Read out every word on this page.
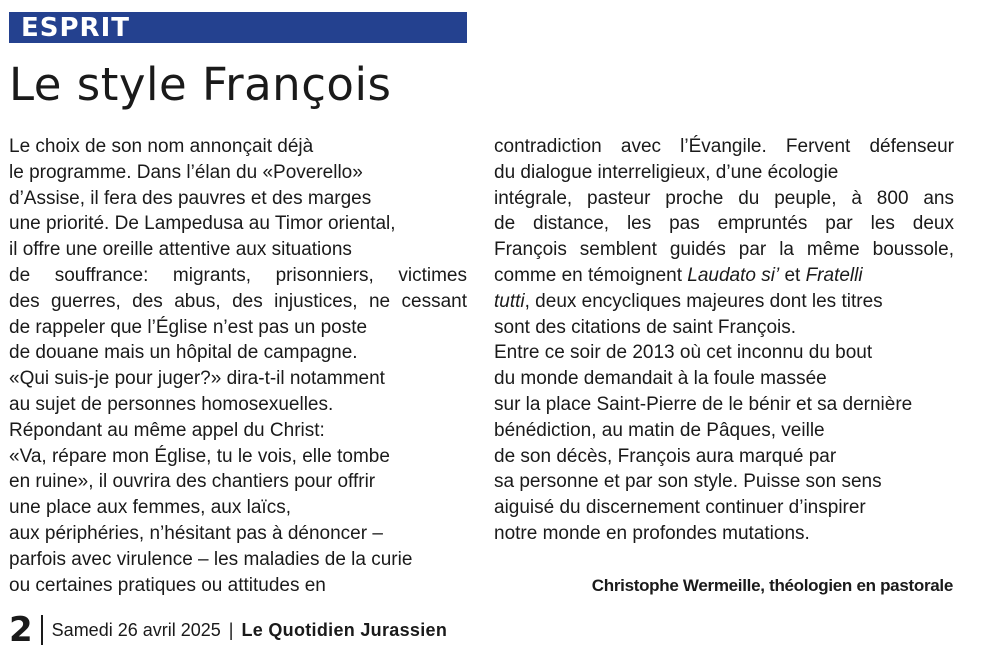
ESPRIT
Le style François
Le choix de son nom annonçait déjà
le programme. Dans l’élan du «Poverello»
d’Assise, il fera des pauvres et des marges
une priorité. De Lampedusa au Timor oriental,
il offre une oreille attentive aux situations
de souffrance: migrants, prisonniers, victimes
des guerres, des abus, des injustices, ne cessant
de rappeler que l’Église n’est pas un poste
de douane mais un hôpital de campagne.
«Qui suis-je pour juger?» dira-t-il notamment
au sujet de personnes homosexuelles.
Répondant au même appel du Christ:
«Va, répare mon Église, tu le vois, elle tombe
en ruine», il ouvrira des chantiers pour offrir
une place aux femmes, aux laïcs,
aux périphéries, n’hésitant pas à dénoncer –
parfois avec virulence – les maladies de la curie
ou certaines pratiques ou attitudes en
contradiction avec l’Évangile. Fervent défenseur
du dialogue interreligieux, d’une écologie
intégrale, pasteur proche du peuple, à 800 ans
de distance, les pas empruntés par les deux
François semblent guidés par la même boussole,
comme en témoignent Laudato si’ et Fratelli
tutti, deux encycliques majeures dont les titres
sont des citations de saint François.
Entre ce soir de 2013 où cet inconnu du bout
du monde demandait à la foule massée
sur la place Saint-Pierre de le bénir et sa dernière
bénédiction, au matin de Pâques, veille
de son décès, François aura marqué par
sa personne et par son style. Puisse son sens
aiguisé du discernement continuer d’inspirer
notre monde en profondes mutations.
Christophe Wermeille, théologien en pastorale
2 Samedi 26 avril 2025 | Le Quotidien Jurassien
